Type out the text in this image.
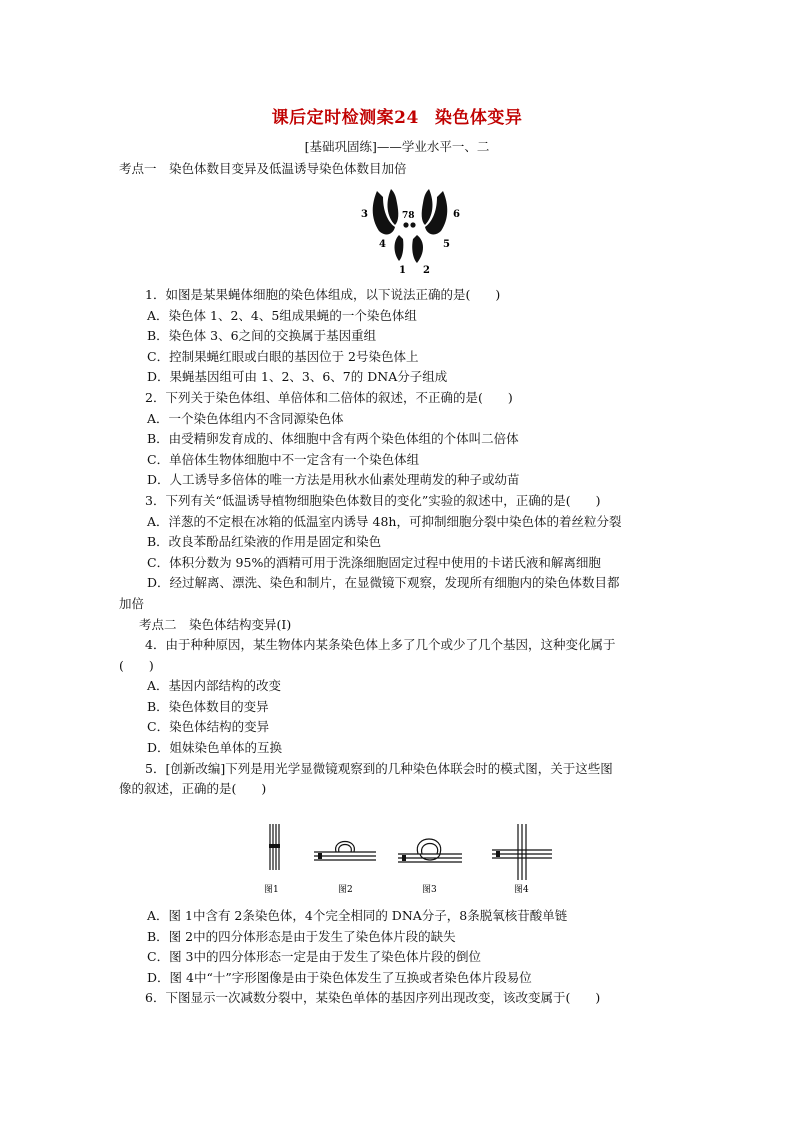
课后定时检测案24 染色体变异
[基础巩固练]——学业水平一、二
考点一　染色体数目变异及低温诱导染色体数目加倍
3	78	6
4	5
1 2
1．如图是某果蝇体细胞的染色体组成，以下说法正确的是(　　)
A．染色体 1、2、4、5组成果蝇的一个染色体组
B．染色体 3、6之间的交换属于基因重组
C．控制果蝇红眼或白眼的基因位于 2号染色体上
D．果蝇基因组可由 1、2、3、6、7的 DNA分子组成
2．下列关于染色体组、单倍体和二倍体的叙述，不正确的是(　　)
A．一个染色体组内不含同源染色体
B．由受精卵发育成的、体细胞中含有两个染色体组的个体叫二倍体
C．单倍体生物体细胞中不一定含有一个染色体组
D．人工诱导多倍体的唯一方法是用秋水仙素处理萌发的种子或幼苗
3．下列有关“低温诱导植物细胞染色体数目的变化”实验的叙述中，正确的是(　　)
A．洋葱的不定根在冰箱的低温室内诱导 48h，可抑制细胞分裂中染色体的着丝粒分裂
B．改良苯酚品红染液的作用是固定和染色
C．体积分数为 95%的酒精可用于洗涤细胞固定过程中使用的卡诺氏液和解离细胞
D．经过解离、漂洗、染色和制片，在显微镜下观察，发现所有细胞内的染色体数目都
加倍
考点二　染色体结构变异(Ⅰ)
4．由于种种原因，某生物体内某条染色体上多了几个或少了几个基因，这种变化属于
(　　)
A．基因内部结构的改变
B．染色体数目的变异
C．染色体结构的变异
D．姐妹染色单体的互换
5．[创新改编]下列是用光学显微镜观察到的几种染色体联会时的模式图，关于这些图
像的叙述，正确的是(　　)
图1	图2	图3	图4
A．图 1中含有 2条染色体，4个完全相同的 DNA分子，8条脱氧核苷酸单链
B．图 2中的四分体形态是由于发生了染色体片段的缺失
C．图 3中的四分体形态一定是由于发生了染色体片段的倒位
D．图 4中“十”字形图像是由于染色体发生了互换或者染色体片段易位
6．下图显示一次减数分裂中，某染色单体的基因序列出现改变，该改变属于(　　)
